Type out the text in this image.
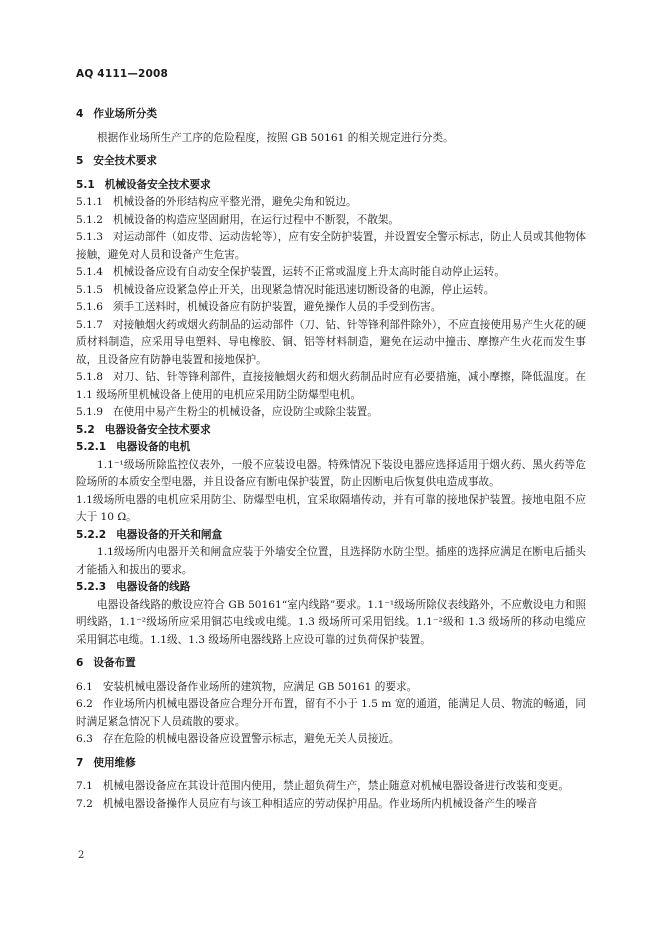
AQ 4111—2008
4 作业场所分类
根据作业场所生产工序的危险程度，按照 GB 50161 的相关规定进行分类。
5 安全技术要求
5.1 机械设备安全技术要求
5.1.1 机械设备的外形结构应平整光滑，避免尖角和锐边。
5.1.2 机械设备的构造应坚固耐用，在运行过程中不断裂，不散架。
5.1.3 对运动部件（如皮带、运动齿轮等），应有安全防护装置，并设置安全警示标志，防止人员或其他物体接触，避免对人员和设备产生危害。
5.1.4 机械设备应设有自动安全保护装置，运转不正常或温度上升太高时能自动停止运转。
5.1.5 机械设备应设紧急停止开关，出现紧急情况时能迅速切断设备的电源，停止运转。
5.1.6 须手工送料时，机械设备应有防护装置，避免操作人员的手受到伤害。
5.1.7 对接触烟火药或烟火药制品的运动部件（刀、钻、针等锋利部件除外），不应直接使用易产生火花的硬质材料制造，应采用导电塑料、导电橡胶、铜、铝等材料制造，避免在运动中撞击、摩擦产生火花而发生事故，且设备应有防静电装置和接地保护。
5.1.8 对刀、钻、针等锋利部件，直接接触烟火药和烟火药制品时应有必要措施，减小摩擦，降低温度。在 1.1 级场所里机械设备上使用的电机应采用防尘防爆型电机。
5.1.9 在使用中易产生粉尘的机械设备，应设防尘或除尘装置。
5.2 电器设备安全技术要求
5.2.1 电器设备的电机
1.1⁻¹级场所除监控仪表外，一般不应装设电器。特殊情况下装设电器应选择适用于烟火药、黑火药等危险场所的本质安全型电器，并且设备应有断电保护装置，防止因断电后恢复供电造成事故。
1.1级场所电器的电机应采用防尘、防爆型电机，宜采取隔墙传动，并有可靠的接地保护装置。接地电阻不应大于 10 Ω。
5.2.2 电器设备的开关和闸盒
1.1级场所内电器开关和闸盒应装于外墙安全位置，且选择防水防尘型。插座的选择应满足在断电后插头才能插入和拔出的要求。
5.2.3 电器设备的线路
电器设备线路的敷设应符合 GB 50161“室内线路”要求。1.1⁻¹级场所除仪表线路外，不应敷设电力和照明线路，1.1⁻²级场所应采用铜芯电线或电缆。1.3 级场所可采用铝线。1.1⁻²级和 1.3 级场所的移动电缆应采用铜芯电缆。1.1级、1.3 级场所电器线路上应设可靠的过负荷保护装置。
6 设备布置
6.1 安装机械电器设备作业场所的建筑物，应满足 GB 50161 的要求。
6.2 作业场所内机械电器设备应合理分开布置，留有不小于 1.5 m 宽的通道，能满足人员、物流的畅通，同时满足紧急情况下人员疏散的要求。
6.3 存在危险的机械电器设备应设置警示标志，避免无关人员接近。
7 使用维修
7.1 机械电器设备应在其设计范围内使用，禁止超负荷生产，禁止随意对机械电器设备进行改装和变更。
7.2 机械电器设备操作人员应有与该工种相适应的劳动保护用品。作业场所内机械设备产生的噪音
2
